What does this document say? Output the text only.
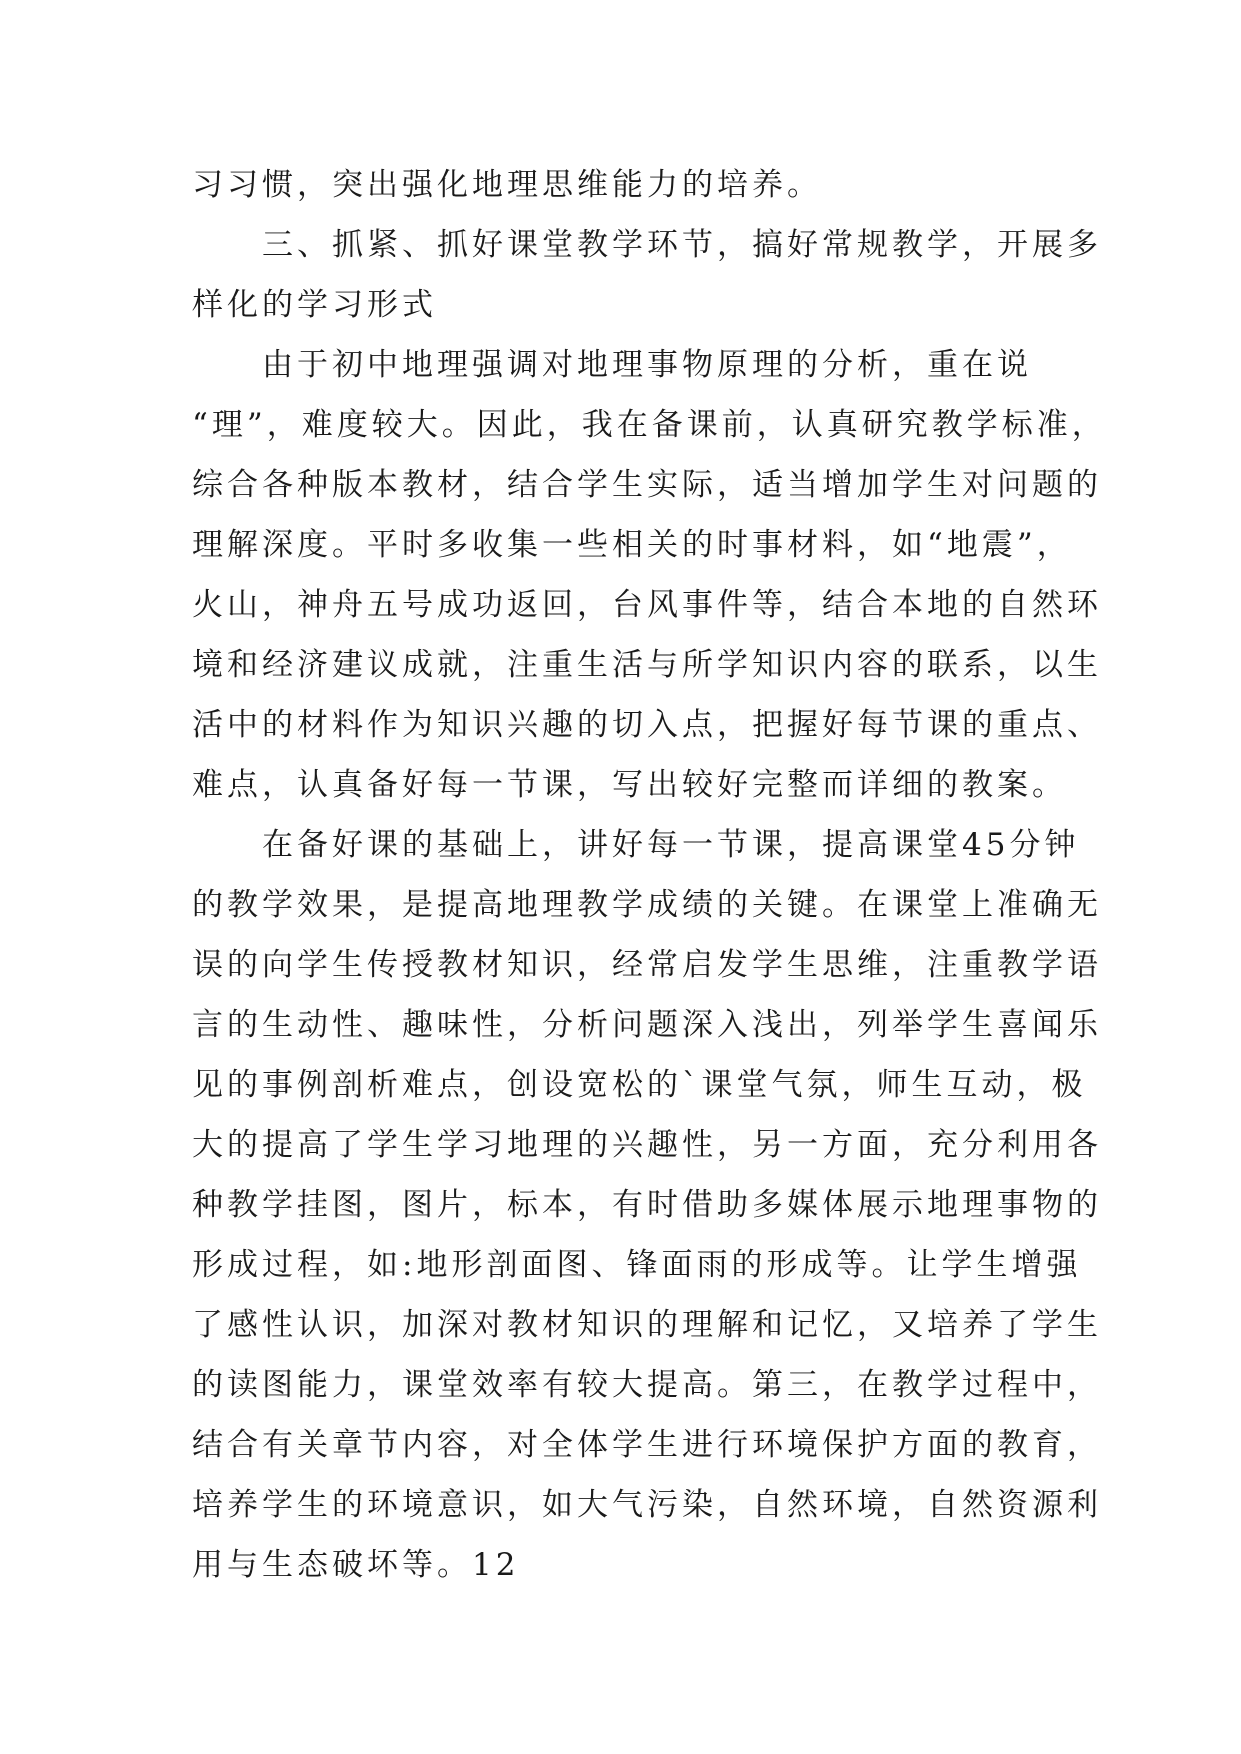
习习惯，突出强化地理思维能力的培养。
　　三、抓紧、抓好课堂教学环节，搞好常规教学，开展多
样化的学习形式
　　由于初中地理强调对地理事物原理的分析，重在说
“理”，难度较大。因此，我在备课前，认真研究教学标准，
综合各种版本教材，结合学生实际，适当增加学生对问题的
理解深度。平时多收集一些相关的时事材料，如“地震”，
火山，神舟五号成功返回，台风事件等，结合本地的自然环
境和经济建议成就，注重生活与所学知识内容的联系，以生
活中的材料作为知识兴趣的切入点，把握好每节课的重点、
难点，认真备好每一节课，写出较好完整而详细的教案。
　　在备好课的基础上，讲好每一节课，提高课堂45分钟
的教学效果，是提高地理教学成绩的关键。在课堂上准确无
误的向学生传授教材知识，经常启发学生思维，注重教学语
言的生动性、趣味性，分析问题深入浅出，列举学生喜闻乐
见的事例剖析难点，创设宽松的`课堂气氛，师生互动，极
大的提高了学生学习地理的兴趣性，另一方面，充分利用各
种教学挂图，图片，标本，有时借助多媒体展示地理事物的
形成过程，如:地形剖面图、锋面雨的形成等。让学生增强
了感性认识，加深对教材知识的理解和记忆，又培养了学生
的读图能力，课堂效率有较大提高。第三，在教学过程中，
结合有关章节内容，对全体学生进行环境保护方面的教育，
培养学生的环境意识，如大气污染，自然环境，自然资源利
用与生态破坏等。12
